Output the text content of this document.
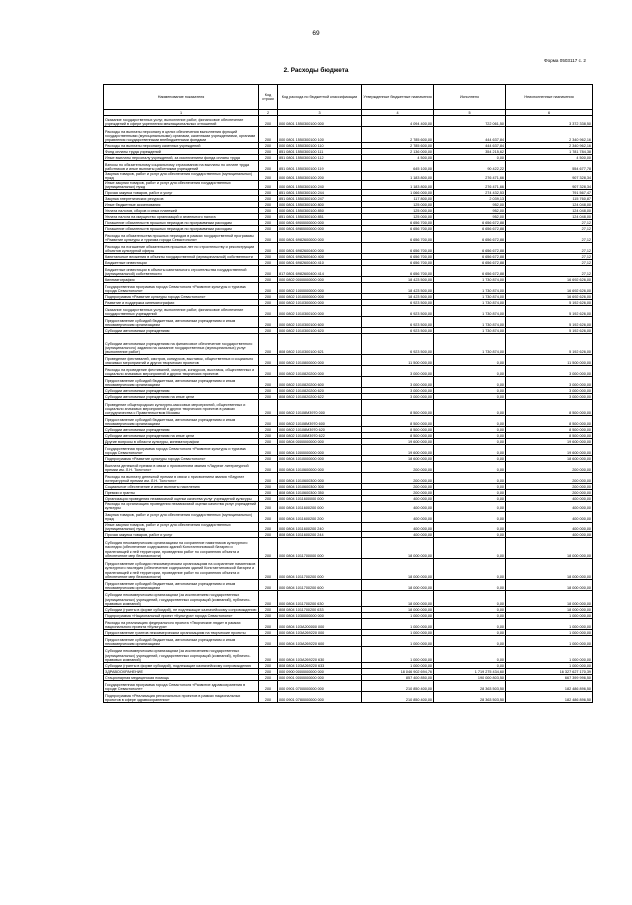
69
Форма 0503117 с. 2
2. Расходы бюджета
Наименование показателя	Код строки	Код расхода по бюджетной классификации	Утвержденные бюджетные назначения	Исполнено	Неисполненные назначения
1	2	3	4	5	6
Оказание государственных услуг, выполнение работ, финансовое обеспечение учреждений в сфере укрепления межнациональных отношений	200	000 0801 1550300100 000	4 094 400,00	722 061,50	3 372 338,50
Расходы на выплаты персоналу в целях обеспечения выполнения функций государственными (муниципальными) органами, казенными учреждениями, органами управления государственными внебюджетными фондами	200	000 0801 1550300100 100	2 785 600,00	444 637,84	2 340 962,16
Расходы на выплаты персоналу казенных учреждений	200	000 0801 1550300100 110	2 785 600,00	444 637,84	2 340 962,16
Фонд оплаты труда учреждений	200	851 0801 1550300100 111	2 136 000,00	354 215,62	1 781 784,38
Иные выплаты персоналу учреждений, за исключением фонда оплаты труда	200	851 0801 1550300100 112	4 500,00	0,00	4 500,00
Взносы по обязательному социальному страхованию на выплаты по оплате труда работников и иные выплаты работникам учреждений	200	851 0801 1550300100 119	645 100,00	90 422,22	554 677,78
Закупка товаров, работ и услуг для обеспечения государственных (муниципальных) нужд	200	000 0801 1550300100 200	1 183 800,00	276 471,66	907 328,34
Иные закупки товаров, работ и услуг для обеспечения государственных (муниципальных) нужд	200	000 0801 1550300100 240	1 183 800,00	276 471,66	907 328,34
Прочая закупка товаров, работ и услуг	200	851 0801 1550300100 244	1 066 000,00	274 432,53	791 567,47
Закупка энергетических ресурсов	200	851 0801 1550300100 247	117 800,00	2 039,13	115 760,87
Иные бюджетные ассигнования	200	000 0801 1550300100 800	125 000,00	952,00	124 048,00
Уплата налогов, сборов и иных платежей	200	000 0801 1550300100 850	125 000,00	952,00	124 048,00
Уплата налога на имущество организаций и земельного налога	200	851 0801 1550300100 851	125 000,00	952,00	124 048,00
Погашение обязательств прошлых периодов по программным расходам	200	000 0801 6900000000 000	6 656 700,00	6 656 672,88	27,12
Погашение обязательств прошлых периодов по программным расходам	200	000 0801 6980000000 000	6 656 700,00	6 656 672,88	27,12
Расходы на обязательства прошлых периодов в рамках государственной программы «Развитие культуры и туризма города Севастополя»	200	000 0801 6982600000 000	6 656 700,00	6 656 672,88	27,12
Расходы на погашение обязательств прошлых лет по строительству и реконструкции объектов культурной сферы	200	000 0801 6982600400 000	6 656 700,00	6 656 672,88	27,12
Капитальные вложения в объекты государственной (муниципальной) собственности	200	000 0801 6982600400 400	6 656 700,00	6 656 672,88	27,12
Бюджетные инвестиции	200	000 0801 6982600400 410	6 656 700,00	6 656 672,88	27,12
Бюджетные инвестиции в объекты капитального строительства государственной (муниципальной) собственности	200	817 0801 6982600400 414	6 656 700,00	6 656 672,88	27,12
Кинематография	200	000 0802 0000000000 000	18 423 500,00	1 730 874,00	16 692 626,00
Государственная программа города Севастополя «Развитие культуры и туризма города Севастополя»	200	000 0802 1000000000 000	18 423 500,00	1 730 874,00	16 692 626,00
Подпрограмма «Развитие культуры города Севастополя»	200	000 0802 1010000000 000	18 423 500,00	1 730 874,00	16 692 626,00
Развитие и поддержка кинематографии	200	000 0802 1010300000 000	6 923 500,00	1 730 874,00	5 192 626,00
Оказание государственных услуг, выполнение работ, финансовое обеспечение государственных учреждений	200	000 0802 1010300100 000	6 923 500,00	1 730 874,00	5 192 626,00
Предоставление субсидий бюджетным, автономным учреждениям и иным некоммерческим организациям	200	000 0802 1010300100 600	6 923 500,00	1 730 874,00	5 192 626,00
Субсидии автономным учреждениям	200	000 0802 1010300100 620	6 923 500,00	1 730 874,00	5 192 626,00
Субсидии автономным учреждениям на финансовое обеспечение государственного (муниципального) задания на оказание государственных (муниципальных) услуг (выполнение работ)	200	808 0802 1010300100 621	6 923 500,00	1 730 874,00	5 192 626,00
Проведение фестивалей, смотров, конкурсов, выставок, общественных и социально значимых мероприятий и других творческих проектов	200	000 0802 1010800000 000	11 500 000,00	0,00	11 500 000,00
Расходы на проведение фестивалей, смотров, конкурсов, выставок, общественных и социально значимых мероприятий и других творческих проектов	200	000 0802 1010820200 000	3 000 000,00	0,00	3 000 000,00
Предоставление субсидий бюджетным, автономным учреждениям и иным некоммерческим организациям	200	000 0802 1010820200 600	3 000 000,00	0,00	3 000 000,00
Субсидии автономным учреждениям	200	000 0802 1010820200 620	3 000 000,00	0,00	3 000 000,00
Субсидии автономным учреждениям на иные цели	200	808 0802 1010820200 622	3 000 000,00	0,00	3 000 000,00
Проведение общегородских культурно-массовых мероприятий, общественных и социально значимых мероприятий и других творческих проектов в рамках сотрудничества с Правительством Москвы	200	000 0802 10108M3970 000	8 500 000,00	0,00	8 500 000,00
Предоставление субсидий бюджетным, автономным учреждениям и иным некоммерческим организациям	200	000 0802 10108M3970 600	8 500 000,00	0,00	8 500 000,00
Субсидии автономным учреждениям	200	000 0802 10108M3970 620	8 500 000,00	0,00	8 500 000,00
Субсидии автономным учреждениям на иные цели	200	808 0802 10108M3970 622	8 500 000,00	0,00	8 500 000,00
Другие вопросы в области культуры, кинематографии	200	000 0804 0000000000 000	19 600 000,00	0,00	19 600 000,00
Государственная программа города Севастополя «Развитие культуры и туризма города Севастополя»	200	000 0804 1000000000 000	19 600 000,00	0,00	19 600 000,00
Подпрограмма «Развитие культуры города Севастополя»	200	000 0804 1010000000 000	18 600 000,00	0,00	18 600 000,00
Выплата денежной премии в связи с присвоением звания «Лауреат литературной премии им. Л.Н. Толстого»	200	000 0804 1010600000 000	200 000,00	0,00	200 000,00
Расходы на выплату денежной премии в связи с присвоением звания «Лауреат литературной премии им. Л.Н. Толстого»	200	000 0804 1010600300 000	200 000,00	0,00	200 000,00
Социальное обеспечение и иные выплаты населению	200	000 0804 1010600300 300	200 000,00	0,00	200 000,00
Премии и гранты	200	808 0804 1010600300 350	200 000,00	0,00	200 000,00
Организация проведения независимой оценки качества услуг учреждений культуры	200	000 0804 1011600000 000	400 000,00	0,00	400 000,00
Расходы на организацию проведения независимой оценки качества услуг учреждений культуры	200	000 0804 1011600200 000	400 000,00	0,00	400 000,00
Закупка товаров, работ и услуг для обеспечения государственных (муниципальных) нужд	200	000 0804 1011600200 200	400 000,00	0,00	400 000,00
Иные закупки товаров, работ и услуг для обеспечения государственных (муниципальных) нужд	200	000 0804 1011600200 240	400 000,00	0,00	400 000,00
Прочая закупка товаров, работ и услуг	200	808 0804 1011600200 244	400 000,00	0,00	400 000,00
Субсидия некоммерческим организациям на сохранение памятников культурного наследия (обеспечение содержания зданий Константиновской батареи и прилегающей к ней территории, проведения работ по сохранению объекта и обеспечение мер безопасности)	200	000 0804 1011700000 000	18 000 000,00	0,00	18 000 000,00
Предоставление субсидии некоммерческим организациям на сохранение памятников культурного наследия (обеспечение содержания зданий Константиновской батареи и прилегающей к ней территории, проведение работ по сохранению объекта и обеспечение мер безопасности)	200	000 0804 1011700200 000	18 000 000,00	0,00	18 000 000,00
Предоставление субсидий бюджетным, автономным учреждениям и иным некоммерческим организациям	200	000 0804 1011700200 600	18 000 000,00	0,00	18 000 000,00
Субсидии некоммерческим организациям (за исключением государственных (муниципальных) учреждений, государственных корпораций (компаний), публично-правовых компаний)	200	000 0804 1011700200 630	18 000 000,00	0,00	18 000 000,00
Субсидии (гранты в форме субсидий), не подлежащие казначейскому сопровождению	200	808 0804 1011700200 633	18 000 000,00	0,00	18 000 000,00
Подпрограмма «Национальный проект «Культура» города Севастополя»	200	000 0804 1030000000 000	1 000 000,00	0,00	1 000 000,00
Расходы на реализацию федерального проекта «Творческие люди» в рамках национального проекта «Культура»	200	000 0804 103A200000 000	1 000 000,00	0,00	1 000 000,00
Предоставление грантов некоммерческим организациям на творческие проекты	200	000 0804 103A269220 000	1 000 000,00	0,00	1 000 000,00
Предоставление субсидий бюджетным, автономным учреждениям и иным некоммерческим организациям	200	000 0804 103A269220 600	1 000 000,00	0,00	1 000 000,00
Субсидии некоммерческим организациям (за исключением государственных (муниципальных) учреждений, государственных корпораций (компаний), публично-правовых компаний)	200	000 0804 103A269220 630	1 000 000,00	0,00	1 000 000,00
Субсидии (гранты в форме субсидий), подлежащие казначейскому сопровождению	200	808 0804 103A269220 633	1 000 000,00	0,00	1 000 000,00
ЗДРАВООХРАНЕНИЕ	200	000 0900 0000000000 000	18 046 902 694,76	1 719 275 434,60	16 327 627 170,39
Стационарная медицинская помощь	200	000 0901 0000000000 000	857 400 850,00	190 000 803,50	667 399 996,50
Государственная программа города Севастополя «Развитие здравоохранения в городе Севастополе»	200	000 0901 0700000000 000	210 850 400,00	28 363 503,50	182 486 896,50
Подпрограмма «Реализация региональных проектов в рамках национальных проектов в сфере здравоохранения»	200	000 0901 0780000000 000	210 850 400,00	28 363 503,50	182 486 896,50
